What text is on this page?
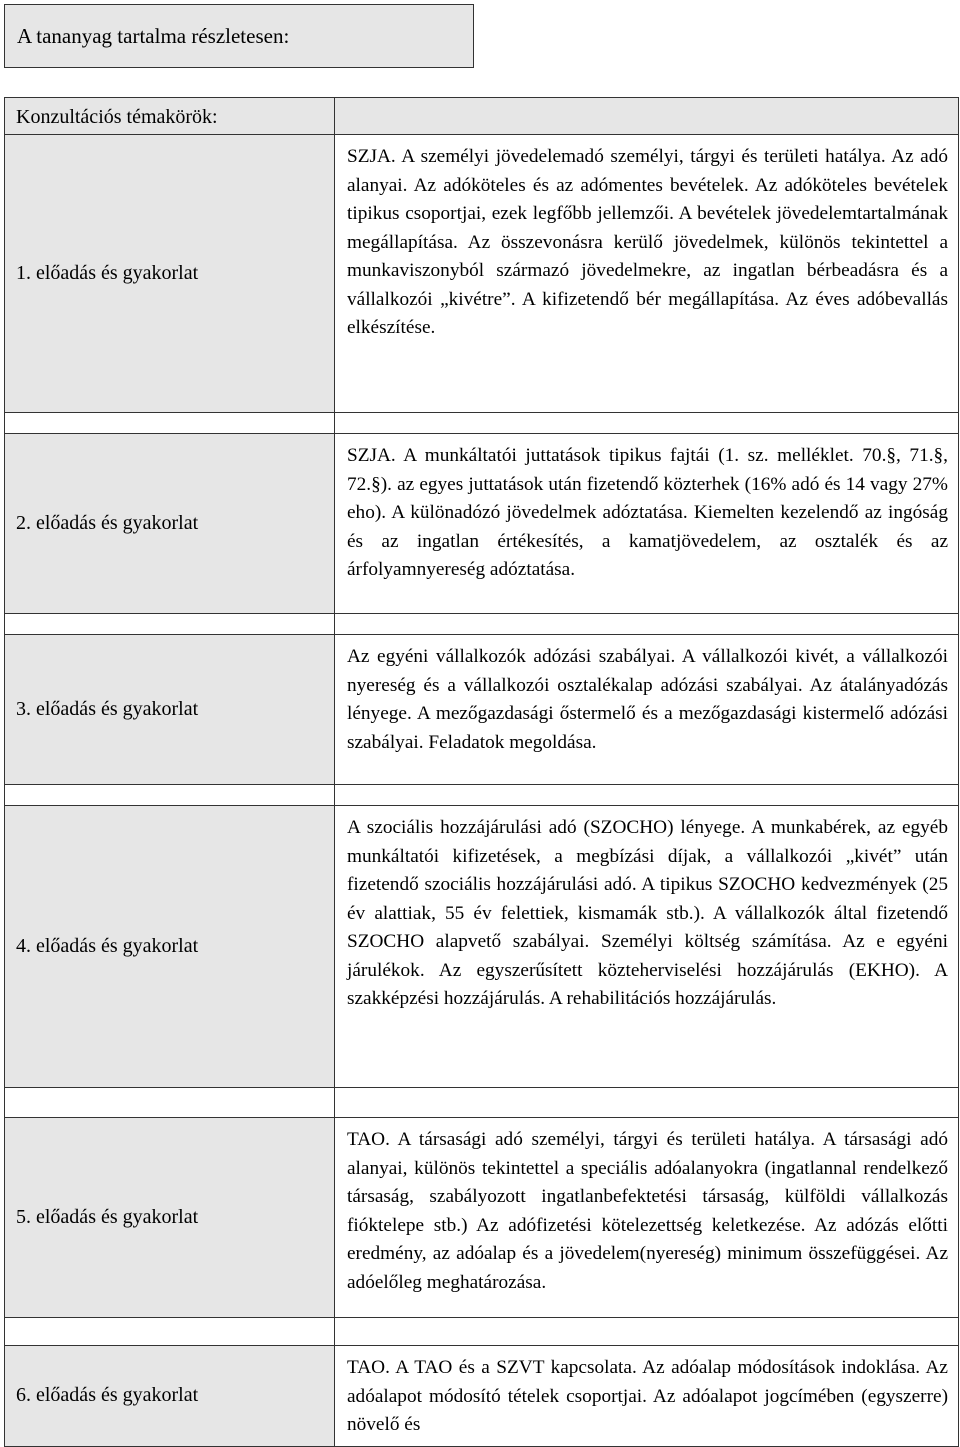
A tananyag tartalma részletesen:
Konzultációs témakörök:	
1. előadás és gyakorlat	SZJA. A személyi jövedelemadó személyi, tárgyi és területi hatálya. Az adó alanyai. Az adóköteles és az adómentes bevételek. Az adóköteles bevételek tipikus csoportjai, ezek legfőbb jellemzői. A bevételek jövedelemtartalmának megállapítása. Az összevonásra kerülő jövedelmek, különös tekintettel a munkaviszonyból származó jövedelmekre, az ingatlan bérbeadásra és a vállalkozói „kivétre”. A kifizetendő bér megállapítása. Az éves adóbevallás elkészítése.

2. előadás és gyakorlat	SZJA. A munkáltatói juttatások tipikus fajtái (1. sz. melléklet. 70.§, 71.§, 72.§). az egyes juttatások után fizetendő közterhek (16% adó és 14 vagy 27% eho). A különadózó jövedelmek adóztatása. Kiemelten kezelendő az ingóság és az ingatlan értékesítés, a kamatjövedelem, az osztalék és az árfolyamnyereség adóztatása.

3. előadás és gyakorlat	Az egyéni vállalkozók adózási szabályai. A vállalkozói kivét, a vállalkozói nyereség és a vállalkozói osztalékalap adózási szabályai. Az átalányadózás lényege. A mezőgazdasági őstermelő és a mezőgazdasági kistermelő adózási szabályai. Feladatok megoldása.

4. előadás és gyakorlat	A szociális hozzájárulási adó (SZOCHO) lényege. A munkabérek, az egyéb munkáltatói kifizetések, a megbízási díjak, a vállalkozói „kivét” után fizetendő szociális hozzájárulási adó. A tipikus SZOCHO kedvezmények (25 év alattiak, 55 év felettiek, kismamák stb.). A vállalkozók által fizetendő SZOCHO alapvető szabályai. Személyi költség számítása. Az e egyéni járulékok. Az egyszerűsített közteherviselési hozzájárulás (EKHO). A szakképzési hozzájárulás. A rehabilitációs hozzájárulás.

5. előadás és gyakorlat	TAO. A társasági adó személyi, tárgyi és területi hatálya. A társasági adó alanyai, különös tekintettel a speciális adóalanyokra (ingatlannal rendelkező társaság, szabályozott ingatlanbefektetési társaság, külföldi vállalkozás fióktelepe stb.) Az adófizetési kötelezettség keletkezése. Az adózás előtti eredmény, az adóalap és a jövedelem(nyereség) minimum összefüggései. Az adóelőleg meghatározása.

6. előadás és gyakorlat	TAO. A TAO és a SZVT kapcsolata. Az adóalap módosítások indoklása. Az adóalapot módosító tételek csoportjai. Az adóalapot jogcímében (egyszerre) növelő és
